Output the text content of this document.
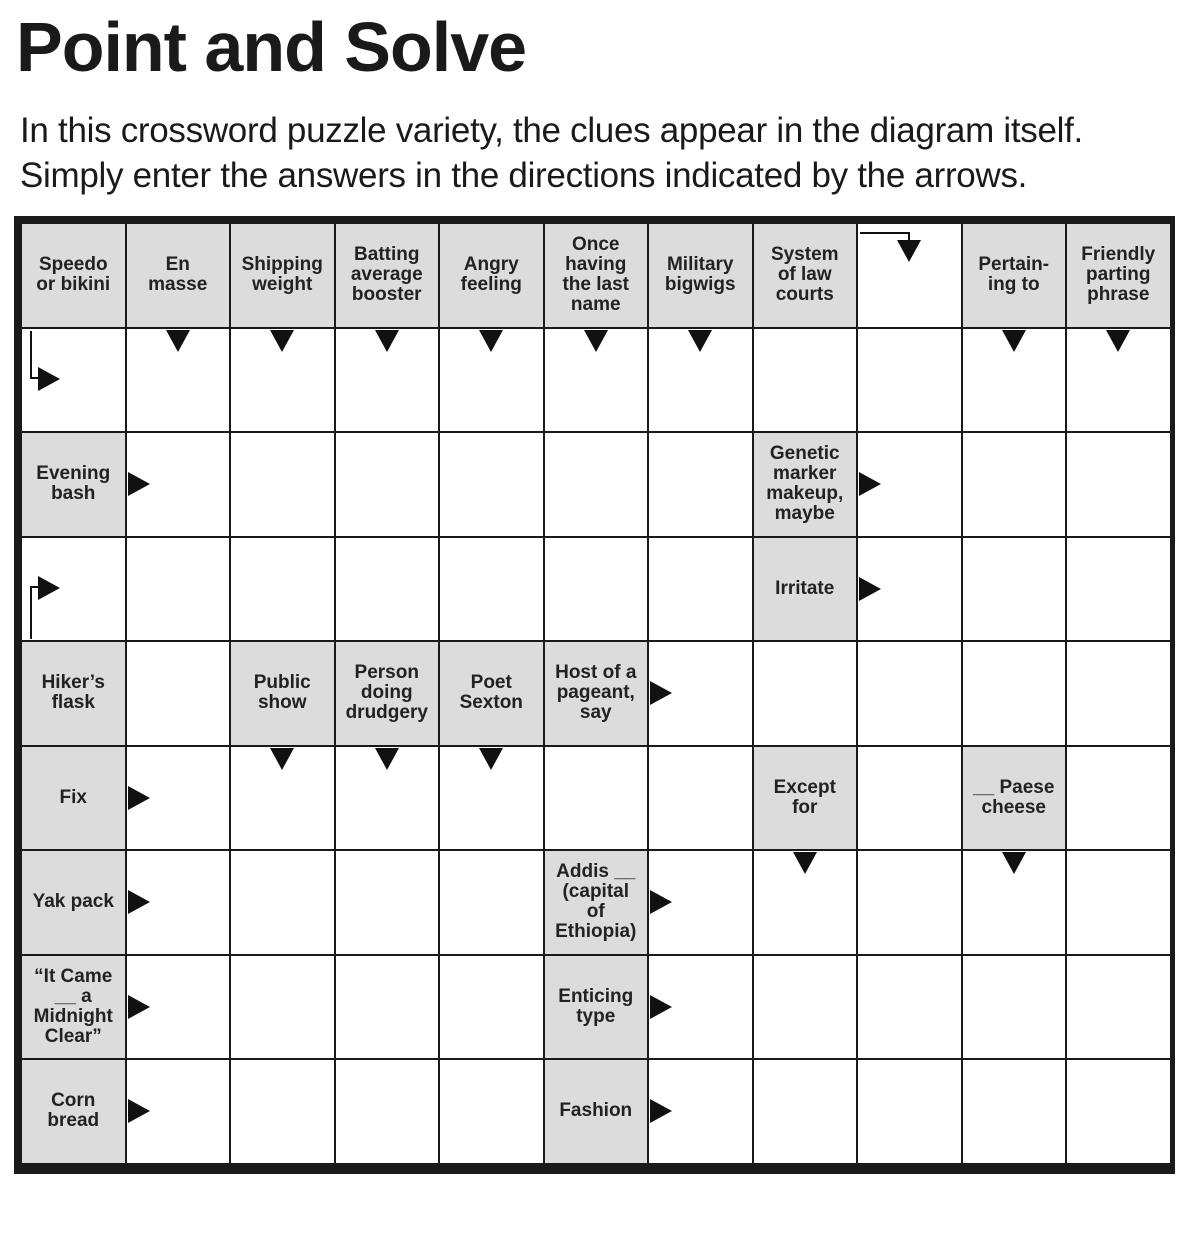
Point and Solve
In this crossword puzzle variety, the clues appear in the diagram itself.
Simply enter the answers in the directions indicated by the arrows.
Speedo
or bikini
En
masse
Shipping
weight
Batting
average
booster
Angry
feeling
Once
having
the last
name
Military
bigwigs
System
of law
courts
Pertain-
ing to
Friendly
parting
phrase
Evening
bash
Genetic
marker
makeup,
maybe
Irritate
Hiker’s
flask
Public
show
Person
doing
drudgery
Poet
Sexton
Host of a
pageant,
say
Fix	Except
for
__ Paese
cheese
Yak pack
Addis __
(capital
of
Ethiopia)
“It Came
__ a
Midnight
Clear”
Enticing
type
Corn
bread	Fashion
